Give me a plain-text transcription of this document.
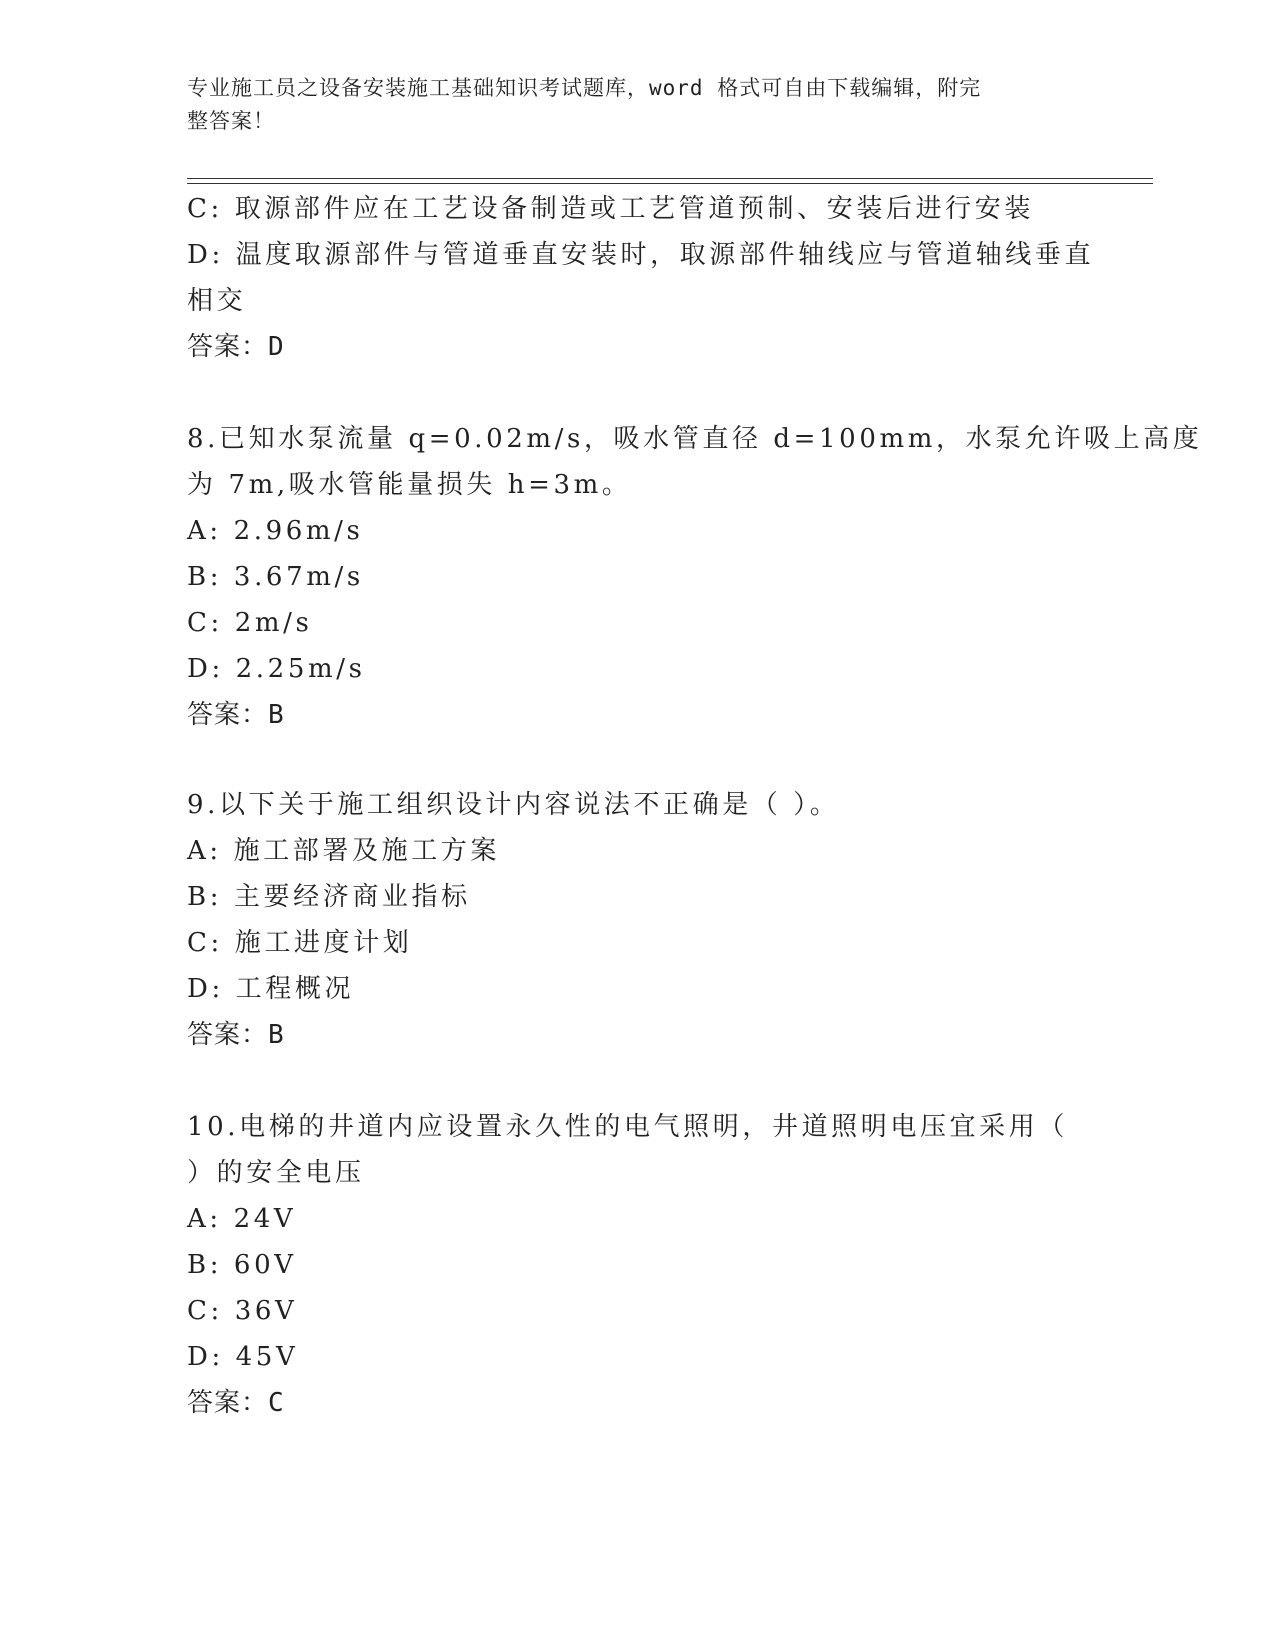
专业施工员之设备安装施工基础知识考试题库，word 格式可自由下载编辑，附完
整答案！
C: 取源部件应在工艺设备制造或工艺管道预制、安装后进行安装
D: 温度取源部件与管道垂直安装时，取源部件轴线应与管道轴线垂直
相交
答案：D
8.已知水泵流量 q=0.02m/s，吸水管直径 d=100mm，水泵允许吸上高度
为 7m,吸水管能量损失 h=3m。
A: 2.96m/s
B: 3.67m/s
C: 2m/s
D: 2.25m/s
答案：B
9.以下关于施工组织设计内容说法不正确是（ ）。
A: 施工部署及施工方案
B: 主要经济商业指标
C: 施工进度计划
D: 工程概况
答案：B
10.电梯的井道内应设置永久性的电气照明，井道照明电压宜采用（
）的安全电压
A: 24V
B: 60V
C: 36V
D: 45V
答案：C
